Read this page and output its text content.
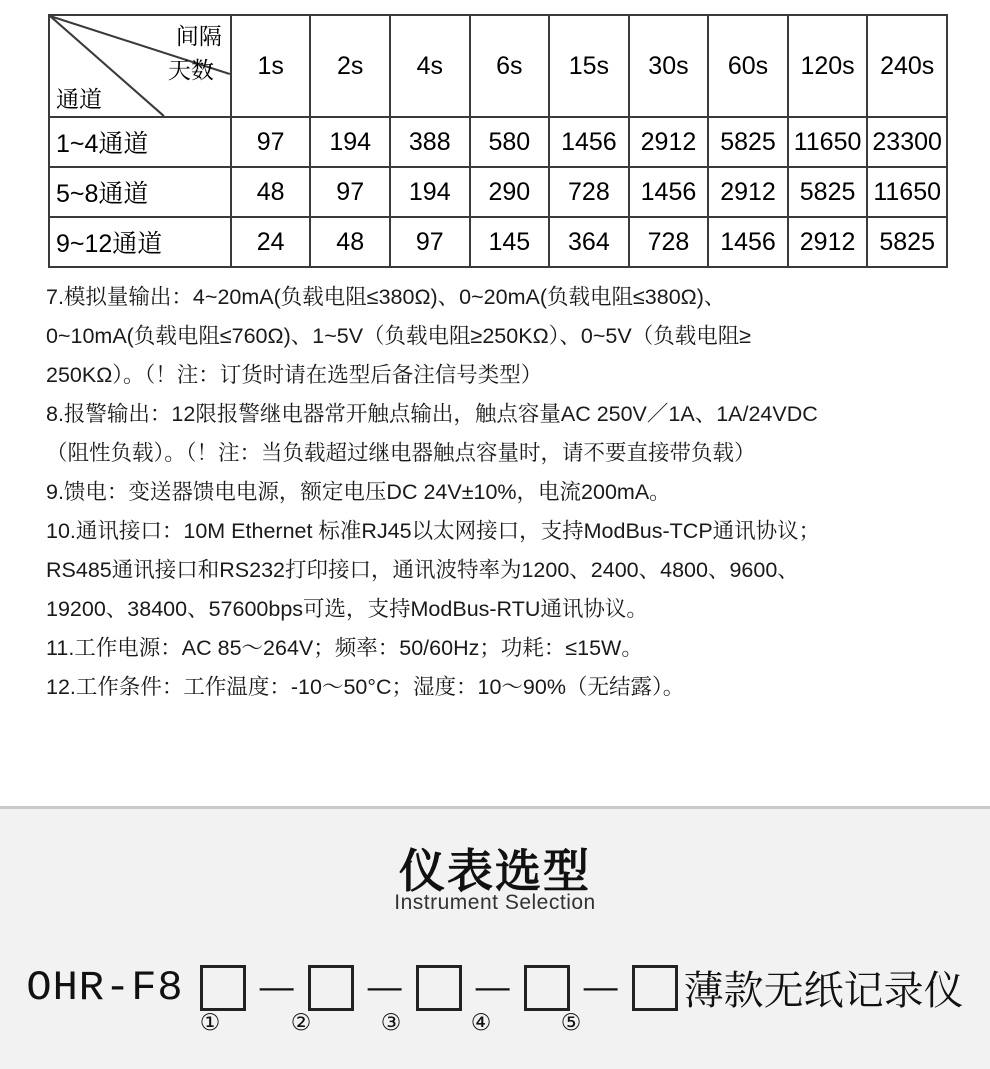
间隔
天数
通道	1s	2s	4s	6s	15s	30s	60s	120s	240s
1~4通道	97	194	388	580	1456	2912	5825	11650	23300
5~8通道	48	97	194	290	728	1456	2912	5825	11650
9~12通道	24	48	97	145	364	728	1456	2912	5825

7.模拟量输出：4~20mA(负载电阻≤380Ω)、0~20mA(负载电阻≤380Ω)、

0~10mA(负载电阻≤760Ω)、1~5V（负载电阻≥250KΩ）、0~5V（负载电阻≥

250KΩ）。（！注：订货时请在选型后备注信号类型）

8.报警输出：12限报警继电器常开触点输出，触点容量AC 250V／1A、1A/24VDC

（阻性负载）。（！注：当负载超过继电器触点容量时，请不要直接带负载）

9.馈电：变送器馈电电源，额定电压DC 24V±10%，电流200mA。

10.通讯接口：10M Ethernet 标准RJ45以太网接口，支持ModBus-TCP通讯协议；

RS485通讯接口和RS232打印接口，通讯波特率为1200、2400、4800、9600、

19200、38400、57600bps可选，支持ModBus-RTU通讯协议。

11.工作电源：AC 85～264V；频率：50/60Hz；功耗：≤15W。

12.工作条件：工作温度：-10～50°C；湿度：10～90%（无结露）。

仪表选型
Instrument Selection
OHR-F8 — — — — 薄款无纸记录仪
①	②	③	④	⑤
